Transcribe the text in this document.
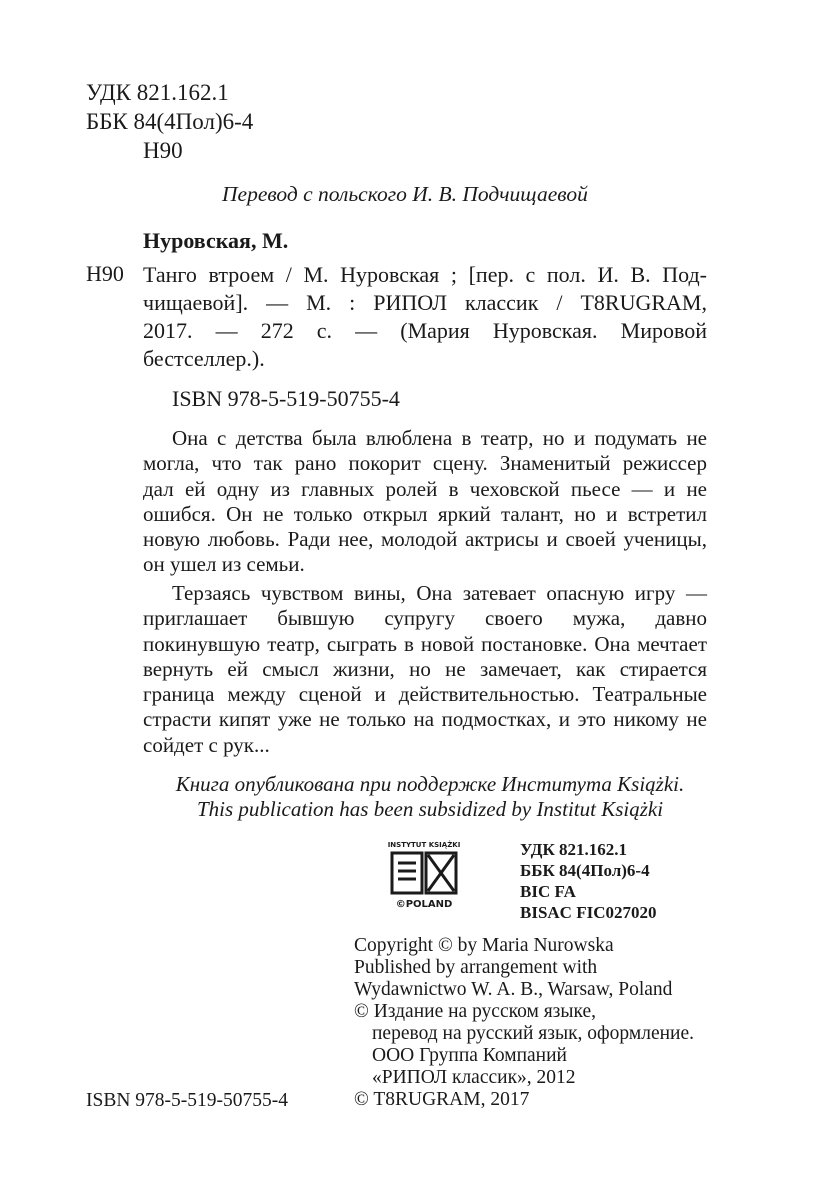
УДК 821.162.1
ББК 84(4Пол)6-4
Н90
Перевод с польского И. В. Подчищаевой
Нуровская, М.
Н90 Танго втроем / М. Нуровская ; [пер. с пол. И. В. Под-
чищаевой]. — М. : РИПОЛ классик / T8RUGRAM,
2017. — 272 с. — (Мария Нуровская. Мировой
бестселлер.).
ISBN 978-5-519-50755-4
Она с детства была влюблена в театр, но и подумать не
могла, что так рано покорит сцену. Знаменитый режиссер
дал ей одну из главных ролей в чеховской пьесе — и не
ошибся. Он не только открыл яркий талант, но и встретил
новую любовь. Ради нее, молодой актрисы и своей ученицы,
он ушел из семьи.
Терзаясь чувством вины, Она затевает опасную игру —
приглашает бывшую супругу своего мужа, давно
покинувшую театр, сыграть в новой постановке. Она мечтает
вернуть ей смысл жизни, но не замечает, как стирается
граница между сценой и действительностью. Театральные
страсти кипят уже не только на подмостках, и это никому не
сойдет с рук...
Книга опубликована при поддержке Института Książki.
This publication has been subsidized by Institut Książki
INSTYTUT KSIĄŻKI
©POLAND
УДК 821.162.1
ББК 84(4Пол)6-4
BIC FA
BISAC FIC027020
Copyright © by Maria Nurowska
Published by arrangement with
Wydawnictwo W. A. B., Warsaw, Poland
© Издание на русском языке,
перевод на русский язык, оформление.
ООО Группа Компаний
«РИПОЛ классик», 2012
© T8RUGRAM, 2017
ISBN 978-5-519-50755-4
